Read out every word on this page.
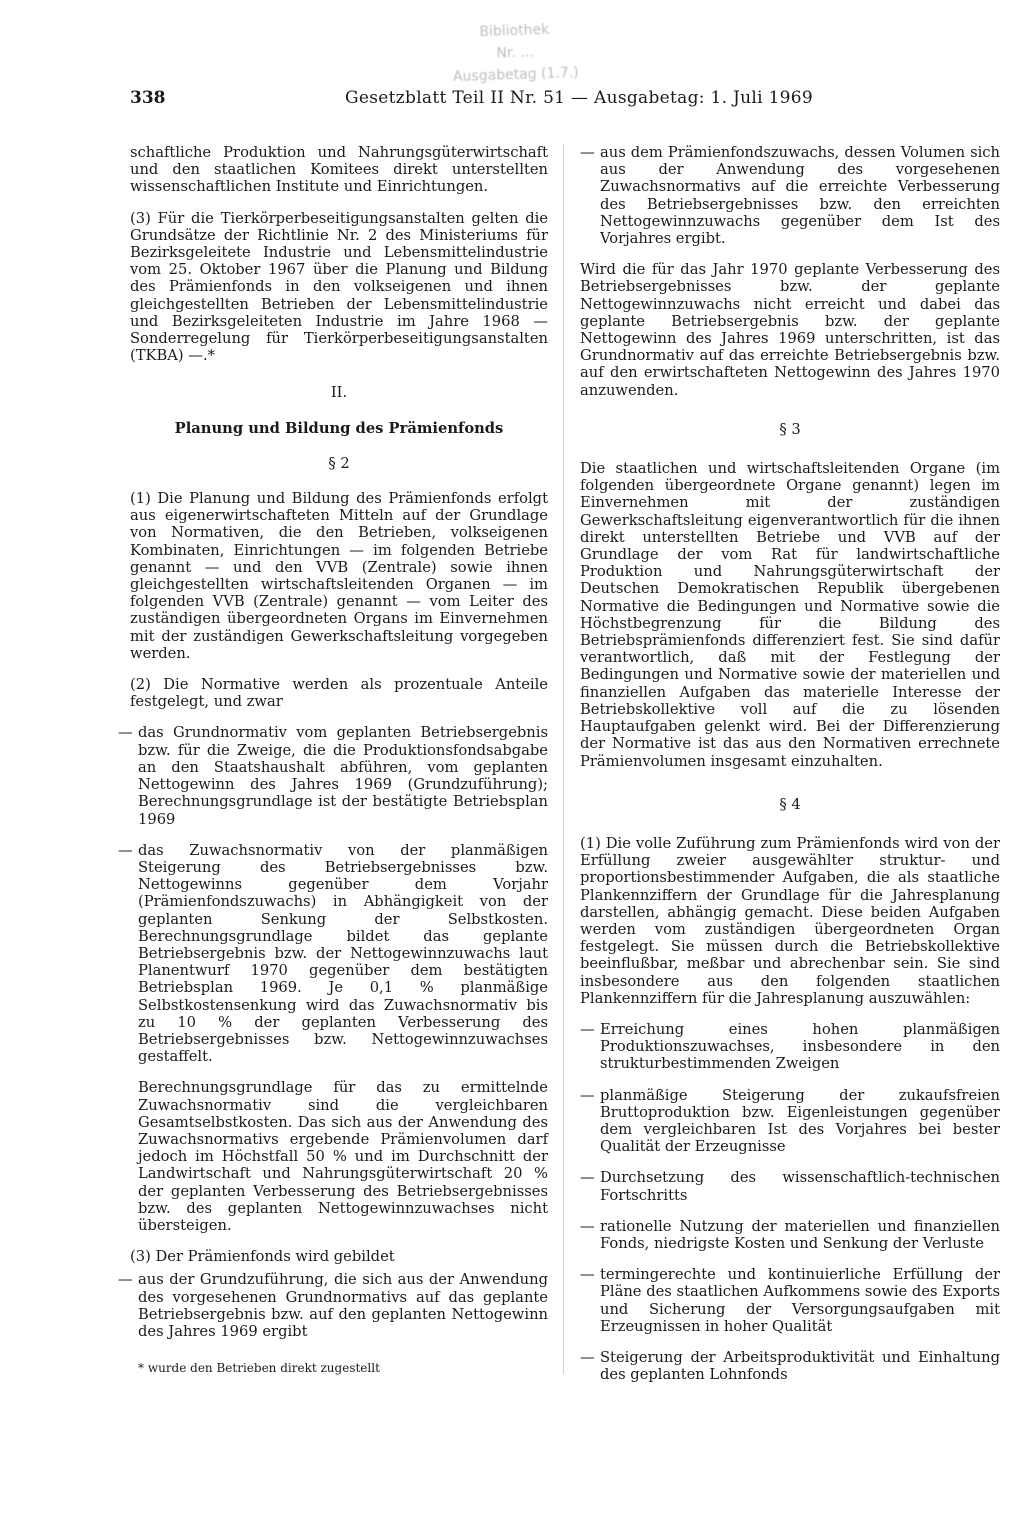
Bibliothek
Nr. ...
Ausgabetag (1.7.)
338	Gesetzblatt Teil II Nr. 51 — Ausgabetag: 1. Juli 1969

schaftliche Produktion und Nahrungsgüterwirtschaft und den staatlichen Komitees direkt unterstellten wissenschaftlichen Institute und Einrichtungen.

(3) Für die Tierkörperbeseitigungsanstalten gelten die Grundsätze der Richtlinie Nr. 2 des Ministeriums für Bezirksgeleitete Industrie und Lebensmittelindustrie vom 25. Oktober 1967 über die Planung und Bildung des Prämienfonds in den volkseigenen und ihnen gleichgestellten Betrieben der Lebensmittelindustrie und Bezirksgeleiteten Industrie im Jahre 1968 — Sonderregelung für Tierkörperbeseitigungsanstalten (TKBA) —.*

II.
Planung und Bildung des Prämienfonds
§ 2

(1) Die Planung und Bildung des Prämienfonds erfolgt aus eigenerwirtschafteten Mitteln auf der Grundlage von Normativen, die den Betrieben, volkseigenen Kombinaten, Einrichtungen — im folgenden Betriebe genannt — und den VVB (Zentrale) sowie ihnen gleichgestellten wirtschaftsleitenden Organen — im folgenden VVB (Zentrale) genannt — vom Leiter des zuständigen übergeordneten Organs im Einvernehmen mit der zuständigen Gewerkschaftsleitung vorgegeben werden.

(2) Die Normative werden als prozentuale Anteile festgelegt, und zwar

— das Grundnormativ vom geplanten Betriebsergebnis bzw. für die Zweige, die die Produktionsfondsabgabe an den Staatshaushalt abführen, vom geplanten Nettogewinn des Jahres 1969 (Grundzuführung); Berechnungsgrundlage ist der bestätigte Betriebsplan 1969
— das Zuwachsnormativ von der planmäßigen Steigerung des Betriebsergebnisses bzw. Nettogewinns gegenüber dem Vorjahr (Prämienfondszuwachs) in Abhängigkeit von der geplanten Senkung der Selbstkosten. Berechnungsgrundlage bildet das geplante Betriebsergebnis bzw. der Nettogewinnzuwachs laut Planentwurf 1970 gegenüber dem bestätigten Betriebsplan 1969. Je 0,1 % planmäßige Selbstkostensenkung wird das Zuwachsnormativ bis zu 10 % der geplanten Verbesserung des Betriebsergebnisses bzw. Nettogewinnzuwachses gestaffelt.

Berechnungsgrundlage für das zu ermittelnde Zuwachsnormativ sind die vergleichbaren Gesamtselbstkosten. Das sich aus der Anwendung des Zuwachsnormativs ergebende Prämienvolumen darf jedoch im Höchstfall 50 % und im Durchschnitt der Landwirtschaft und Nahrungsgüterwirtschaft 20 % der geplanten Verbesserung des Betriebsergebnisses bzw. des geplanten Nettogewinnzuwachses nicht übersteigen.

(3) Der Prämienfonds wird gebildet

— aus der Grundzuführung, die sich aus der Anwendung des vorgesehenen Grundnormativs auf das geplante Betriebsergebnis bzw. auf den geplanten Nettogewinn des Jahres 1969 ergibt
* wurde den Betrieben direkt zugestellt
— aus dem Prämienfondszuwachs, dessen Volumen sich aus der Anwendung des vorgesehenen Zuwachsnormativs auf die erreichte Verbesserung des Betriebsergebnisses bzw. den erreichten Nettogewinnzuwachs gegenüber dem Ist des Vorjahres ergibt.

Wird die für das Jahr 1970 geplante Verbesserung des Betriebsergebnisses bzw. der geplante Nettogewinnzuwachs nicht erreicht und dabei das geplante Betriebsergebnis bzw. der geplante Nettogewinn des Jahres 1969 unterschritten, ist das Grundnormativ auf das erreichte Betriebsergebnis bzw. auf den erwirtschafteten Nettogewinn des Jahres 1970 anzuwenden.

§ 3

Die staatlichen und wirtschaftsleitenden Organe (im folgenden übergeordnete Organe genannt) legen im Einvernehmen mit der zuständigen Gewerkschaftsleitung eigenverantwortlich für die ihnen direkt unterstellten Betriebe und VVB auf der Grundlage der vom Rat für landwirtschaftliche Produktion und Nahrungsgüterwirtschaft der Deutschen Demokratischen Republik übergebenen Normative die Bedingungen und Normative sowie die Höchstbegrenzung für die Bildung des Betriebsprämienfonds differenziert fest. Sie sind dafür verantwortlich, daß mit der Festlegung der Bedingungen und Normative sowie der materiellen und finanziellen Aufgaben das materielle Interesse der Betriebskollektive voll auf die zu lösenden Hauptaufgaben gelenkt wird. Bei der Differenzierung der Normative ist das aus den Normativen errechnete Prämienvolumen insgesamt einzuhalten.

§ 4

(1) Die volle Zuführung zum Prämienfonds wird von der Erfüllung zweier ausgewählter struktur- und proportionsbestimmender Aufgaben, die als staatliche Plankennziffern der Grundlage für die Jahresplanung darstellen, abhängig gemacht. Diese beiden Aufgaben werden vom zuständigen übergeordneten Organ festgelegt. Sie müssen durch die Betriebskollektive beeinflußbar, meßbar und abrechenbar sein. Sie sind insbesondere aus den folgenden staatlichen Plankennziffern für die Jahresplanung auszuwählen:

— Erreichung eines hohen planmäßigen Produktionszuwachses, insbesondere in den strukturbestimmenden Zweigen
— planmäßige Steigerung der zukaufsfreien Bruttoproduktion bzw. Eigenleistungen gegenüber dem vergleichbaren Ist des Vorjahres bei bester Qualität der Erzeugnisse
— Durchsetzung des wissenschaftlich-technischen Fortschritts
— rationelle Nutzung der materiellen und finanziellen Fonds, niedrigste Kosten und Senkung der Verluste
— termingerechte und kontinuierliche Erfüllung der Pläne des staatlichen Aufkommens sowie des Exports und Sicherung der Versorgungsaufgaben mit Erzeugnissen in hoher Qualität
— Steigerung der Arbeitsproduktivität und Einhaltung des geplanten Lohnfonds
